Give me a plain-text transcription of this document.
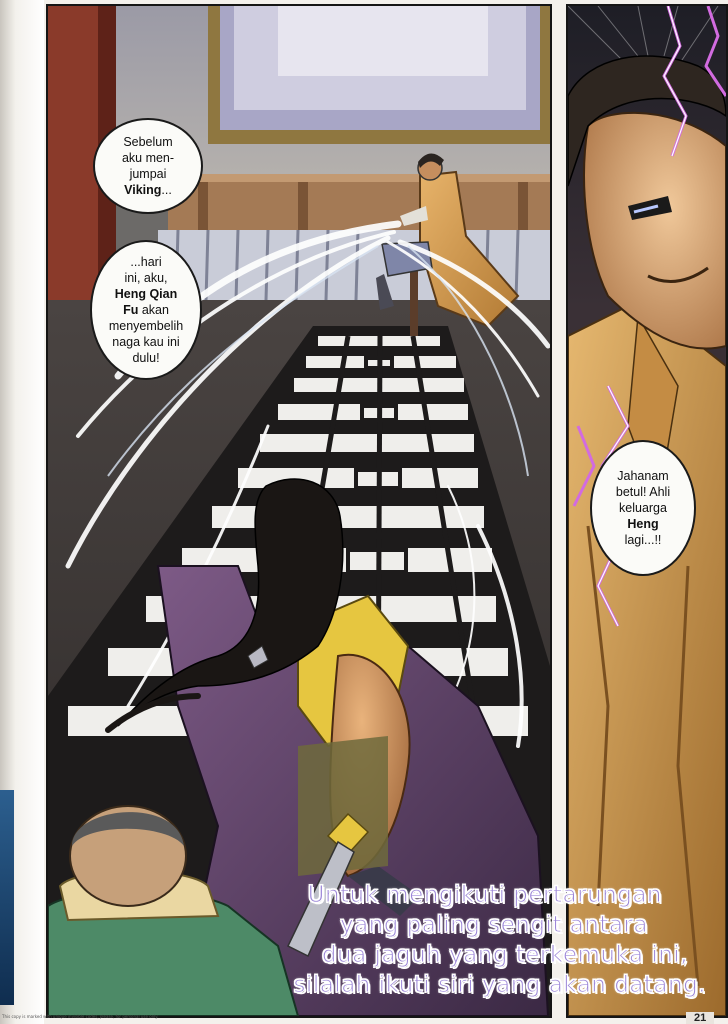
Sebelum
aku men-
jumpai
Viking...
...hari
ini, aku,
Heng Qian
Fu akan
menyembelih
naga kau ini
dulu!
Jahanam
betul! Ahli
keluarga
Heng
lagi...!!
Untuk mengikuti pertarungan
yang paling sengit antara
dua jaguh yang terkemuka ini,
silalah ikuti siri yang akan datang.
This copy is marked with unique invisible codes, please, for personal use only.	21
